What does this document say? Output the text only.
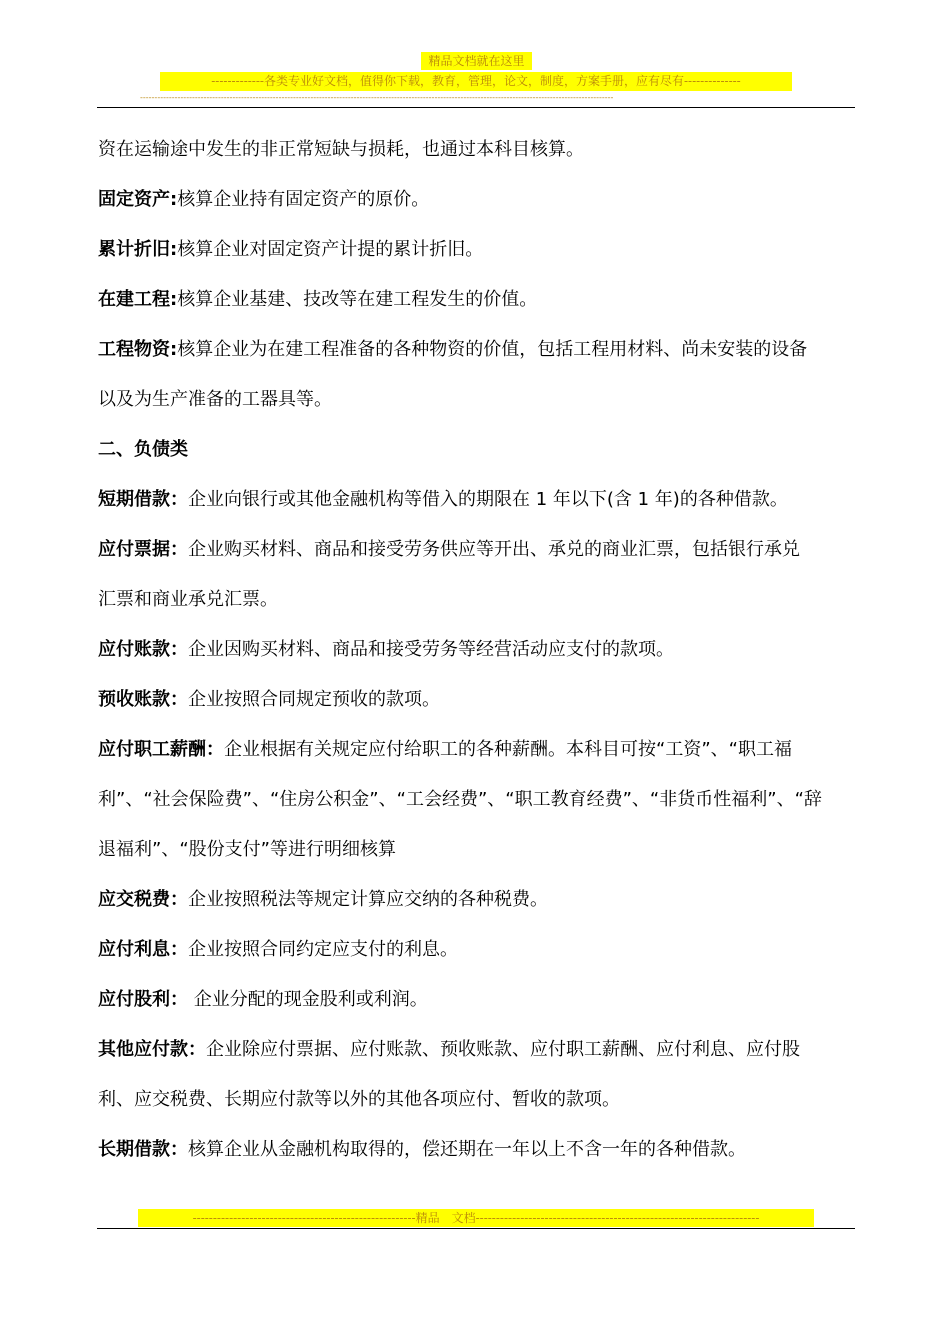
精品文档就在这里
-------------各类专业好文档，值得你下载，教育，管理，论文，制度，方案手册，应有尽有--------------
--------------------------------------------------------------------------------------------------------------------------------------------------------------------

资在运输途中发生的非正常短缺与损耗，也通过本科目核算。

固定资产:核算企业持有固定资产的原价。

累计折旧:核算企业对固定资产计提的累计折旧。

在建工程:核算企业基建、技改等在建工程发生的价值。

工程物资:核算企业为在建工程准备的各种物资的价值，包括工程用材料、尚未安装的设备

以及为生产准备的工器具等。

二、负债类

短期借款：企业向银行或其他金融机构等借入的期限在 1 年以下(含 1 年)的各种借款。

应付票据：企业购买材料、商品和接受劳务供应等开出、承兑的商业汇票，包括银行承兑

汇票和商业承兑汇票。

应付账款：企业因购买材料、商品和接受劳务等经营活动应支付的款项。

预收账款：企业按照合同规定预收的款项。

应付职工薪酬：企业根据有关规定应付给职工的各种薪酬。本科目可按“工资”、“职工福

利”、“社会保险费”、“住房公积金”、“工会经费”、“职工教育经费”、“非货币性福利”、“辞

退福利”、“股份支付”等进行明细核算

应交税费：企业按照税法等规定计算应交纳的各种税费。

应付利息：企业按照合同约定应支付的利息。

应付股利： 企业分配的现金股利或利润。

其他应付款：企业除应付票据、应付账款、预收账款、应付职工薪酬、应付利息、应付股

利、应交税费、长期应付款等以外的其他各项应付、暂收的款项。

长期借款：核算企业从金融机构取得的，偿还期在一年以上不含一年的各种借款。

-------------------------------------------------------精品　文档----------------------------------------------------------------------
